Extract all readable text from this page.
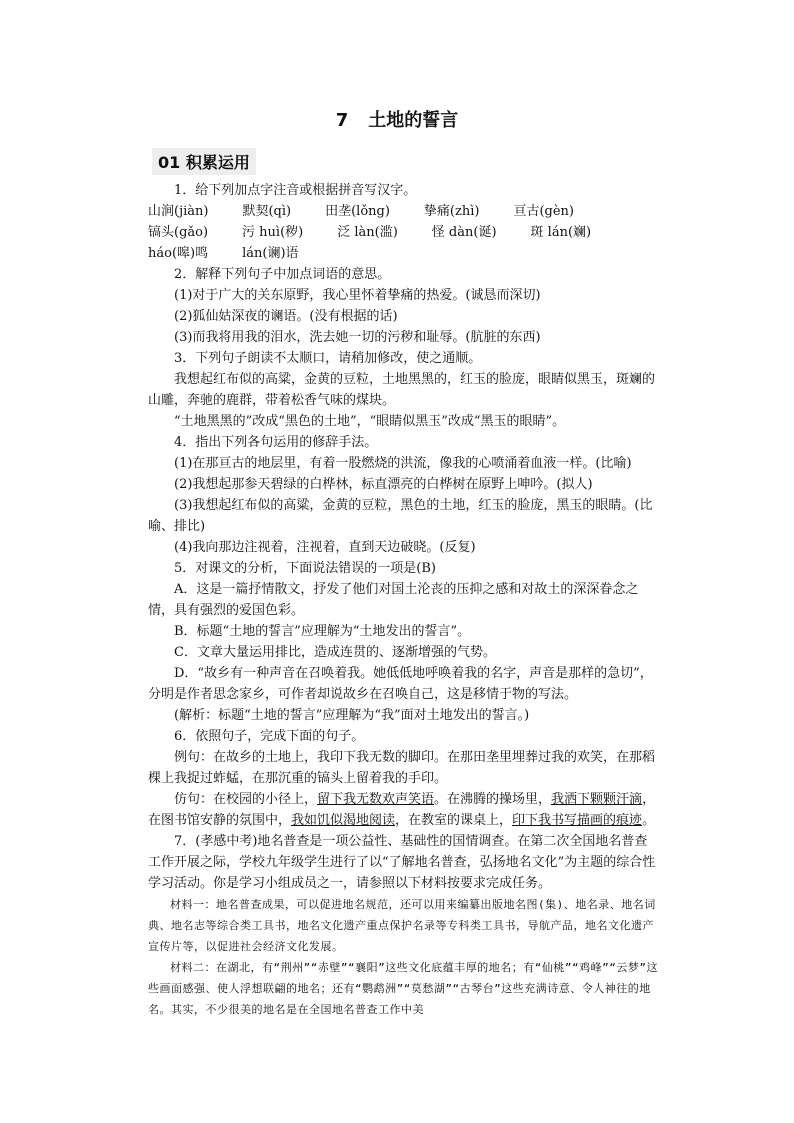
7 土地的誓言
01 积累运用

1．给下列加点字注音或根据拼音写汉字。

山涧(jiàn)	默契(qì)	田垄(lǒng)	挚痛(zhì)	亘古(gèn)
镐头(gǎo)	污 huì(秽)	泛 làn(滥)	怪 dàn(诞)	斑 lán(斓)
háo(嗥)鸣	lán(谰)语

2．解释下列句子中加点词语的意思。

(1)对于广大的关东原野，我心里怀着挚痛的热爱。(诚恳而深切)

(2)狐仙姑深夜的谰语。(没有根据的话)

(3)而我将用我的泪水，洗去她一切的污秽和耻辱。(肮脏的东西)

3．下列句子朗读不太顺口，请稍加修改，使之通顺。

我想起红布似的高粱，金黄的豆粒，土地黑黑的，红玉的脸庞，眼睛似黑玉，斑斓的山雕，奔驰的鹿群，带着松香气味的煤块。

“土地黑黑的”改成“黑色的土地”，“眼睛似黑玉”改成“黑玉的眼睛”。

4．指出下列各句运用的修辞手法。

(1)在那亘古的地层里，有着一股燃烧的洪流，像我的心喷涌着血液一样。(比喻)

(2)我想起那参天碧绿的白桦林，标直漂亮的白桦树在原野上呻吟。(拟人)

(3)我想起红布似的高粱，金黄的豆粒，黑色的土地，红玉的脸庞，黑玉的眼睛。(比喻、排比)

(4)我向那边注视着，注视着，直到天边破晓。(反复)

5．对课文的分析，下面说法错误的一项是(B)

A．这是一篇抒情散文，抒发了他们对国土沦丧的压抑之感和对故土的深深眷念之情，具有强烈的爱国色彩。

B．标题“土地的誓言”应理解为“土地发出的誓言”。

C．文章大量运用排比，造成连贯的、逐渐增强的气势。

D．“故乡有一种声音在召唤着我。她低低地呼唤着我的名字，声音是那样的急切”，分明是作者思念家乡，可作者却说故乡在召唤自己，这是移情于物的写法。

(解析：标题“土地的誓言”应理解为“我”面对土地发出的誓言。)

6．依照句子，完成下面的句子。

例句：在故乡的土地上，我印下我无数的脚印。在那田垄里埋葬过我的欢笑，在那稻棵上我捉过蚱蜢，在那沉重的镐头上留着我的手印。

仿句：在校园的小径上，留下我无数欢声笑语。在沸腾的操场里，我洒下颗颗汗滴，在图书馆安静的氛围中，我如饥似渴地阅读，在教室的课桌上，印下我书写描画的痕迹。

7．(孝感中考)地名普查是一项公益性、基础性的国情调查。在第二次全国地名普查工作开展之际，学校九年级学生进行了以“了解地名普查，弘扬地名文化”为主题的综合性学习活动。你是学习小组成员之一，请参照以下材料按要求完成任务。

材料一：地名普查成果，可以促进地名规范，还可以用来编纂出版地名图(集)、地名录、地名词典、地名志等综合类工具书，地名文化遗产重点保护名录等专科类工具书，导航产品，地名文化遗产宣传片等，以促进社会经济文化发展。

材料二：在湖北，有“荆州”“赤壁”“襄阳”这些文化底蕴丰厚的地名；有“仙桃”“鸡峰”“云梦”这些画面感强、使人浮想联翩的地名；还有“鹦鹉洲”“莫愁湖”“古琴台”这些充满诗意、令人神往的地名。其实，不少很美的地名是在全国地名普查工作中美
